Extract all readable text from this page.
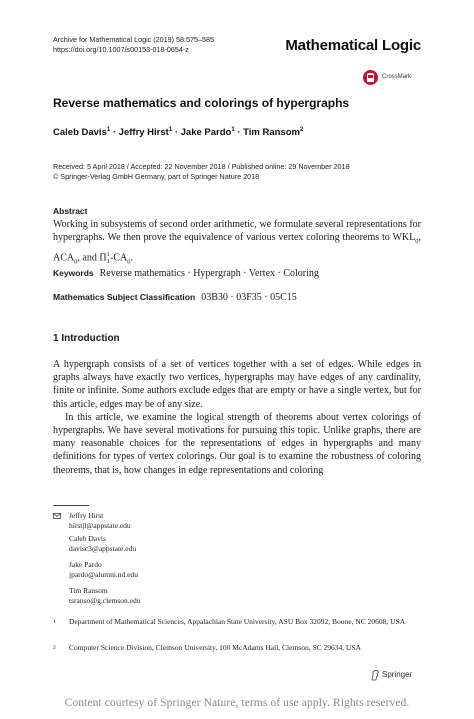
Archive for Mathematical Logic (2019) 58:575–585
https://doi.org/10.1007/s00153-018-0654-z	Mathematical Logic
CrossMark
Reverse mathematics and colorings of hypergraphs
Caleb Davis$^1$ · Jeffry Hirst$^1$ · Jake Pardo$^1$ · Tim Ransom$^2$
Received: 5 April 2018 / Accepted: 22 November 2018 / Published online: 29 November 2018
© Springer-Verlag GmbH Germany, part of Springer Nature 2018
Abstract
Working in subsystems of second order arithmetic, we formulate several representations for hypergraphs. We then prove the equivalence of various vertex coloring theorems to $WKL_0$, $ACA_0$, and $\Pi^1_1-CA_0$.
Keywords Reverse mathematics · Hypergraph · Vertex · Coloring
Mathematics Subject Classification 03B30 · 03F35 · 05C15
1 Introduction

A hypergraph consists of a set of vertices together with a set of edges. While edges in graphs always have exactly two vertices, hypergraphs may have edges of any cardinality, finite or infinite. Some authors exclude edges that are empty or have a single vertex, but for this article, edges may be of any size.

In this article, we examine the logical strength of theorems about vertex colorings of hypergraphs. We have several motivations for pursuing this topic. Unlike graphs, there are many reasonable choices for the representations of edges in hypergraphs and many definitions for types of vertex colorings. Our goal is to examine the robustness of coloring theorems, that is, how changes in edge representations and coloring

Jeffry Hirst
hirstjl@appstate.edu
Caleb Davis
davisc3@appstate.edu
Jake Pardo
jpardo@alumni.nd.edu
Tim Ransom
tsranso@g.clemson.edu
1 Department of Mathematical Sciences, Appalachian State University, ASU Box 32092, Boone, NC 20608, USA
2 Computer Science Division, Clemson University, 100 McAdams Hall, Clemson, SC 29634, USA
Springer
Content courtesy of Springer Nature, terms of use apply. Rights reserved.
